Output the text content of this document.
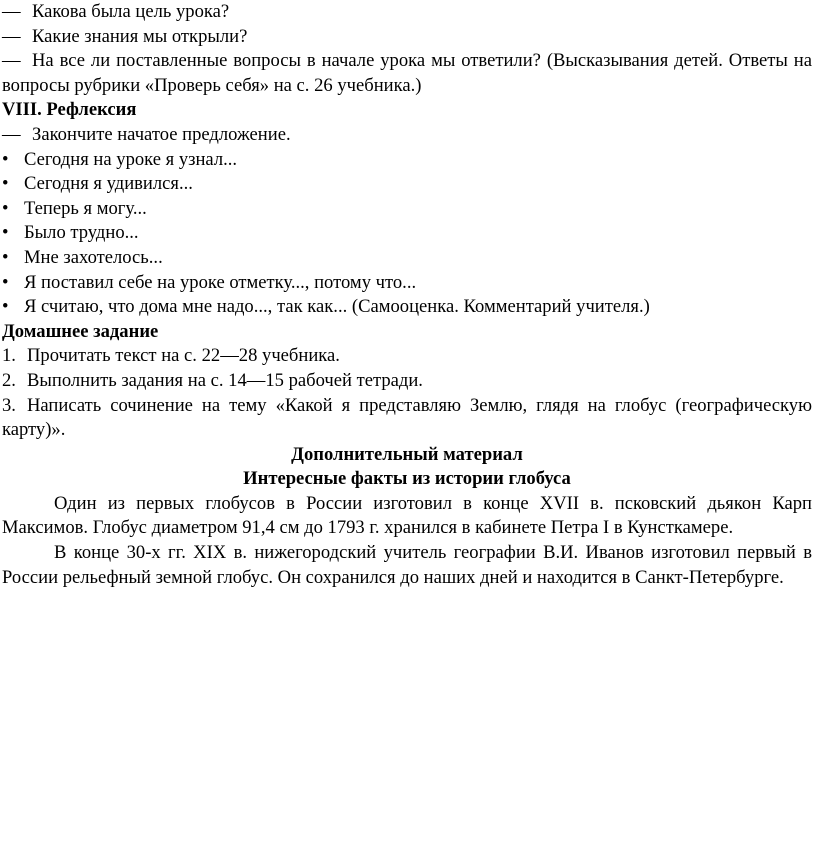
— Какова была цель урока?
— Какие знания мы открыли?

— На все ли поставленные вопросы в начале урока мы ответили? (Высказывания детей. Ответы на вопросы рубрики «Проверь себя» на с. 26 учебника.)

VIII. Рефлексия
— Закончите начатое предложение.
• Сегодня на уроке я узнал...
• Сегодня я удивился...
• Теперь я могу...
• Было трудно...
• Мне захотелось...
• Я поставил себе на уроке отметку..., потому что...
• Я считаю, что дома мне надо..., так как... (Самооценка. Комментарий учителя.)
Домашнее задание
1. Прочитать текст на с. 22—28 учебника.
2. Выполнить задания на с. 14—15 рабочей тетради.

3. Написать сочинение на тему «Какой я представляю Землю, глядя на глобус (географическую карту)».

Дополнительный материал
Интересные факты из истории глобуса

Один из первых глобусов в России изготовил в конце XVII в. псковский дьякон Карп Максимов. Глобус диаметром 91,4 см до 1793 г. хранился в кабинете Петра I в Кунсткамере.

В конце 30-х гг. XIX в. нижегородский учитель географии В.И. Иванов изготовил первый в России рельефный земной глобус. Он сохранился до наших дней и находится в Санкт-Петербурге.
